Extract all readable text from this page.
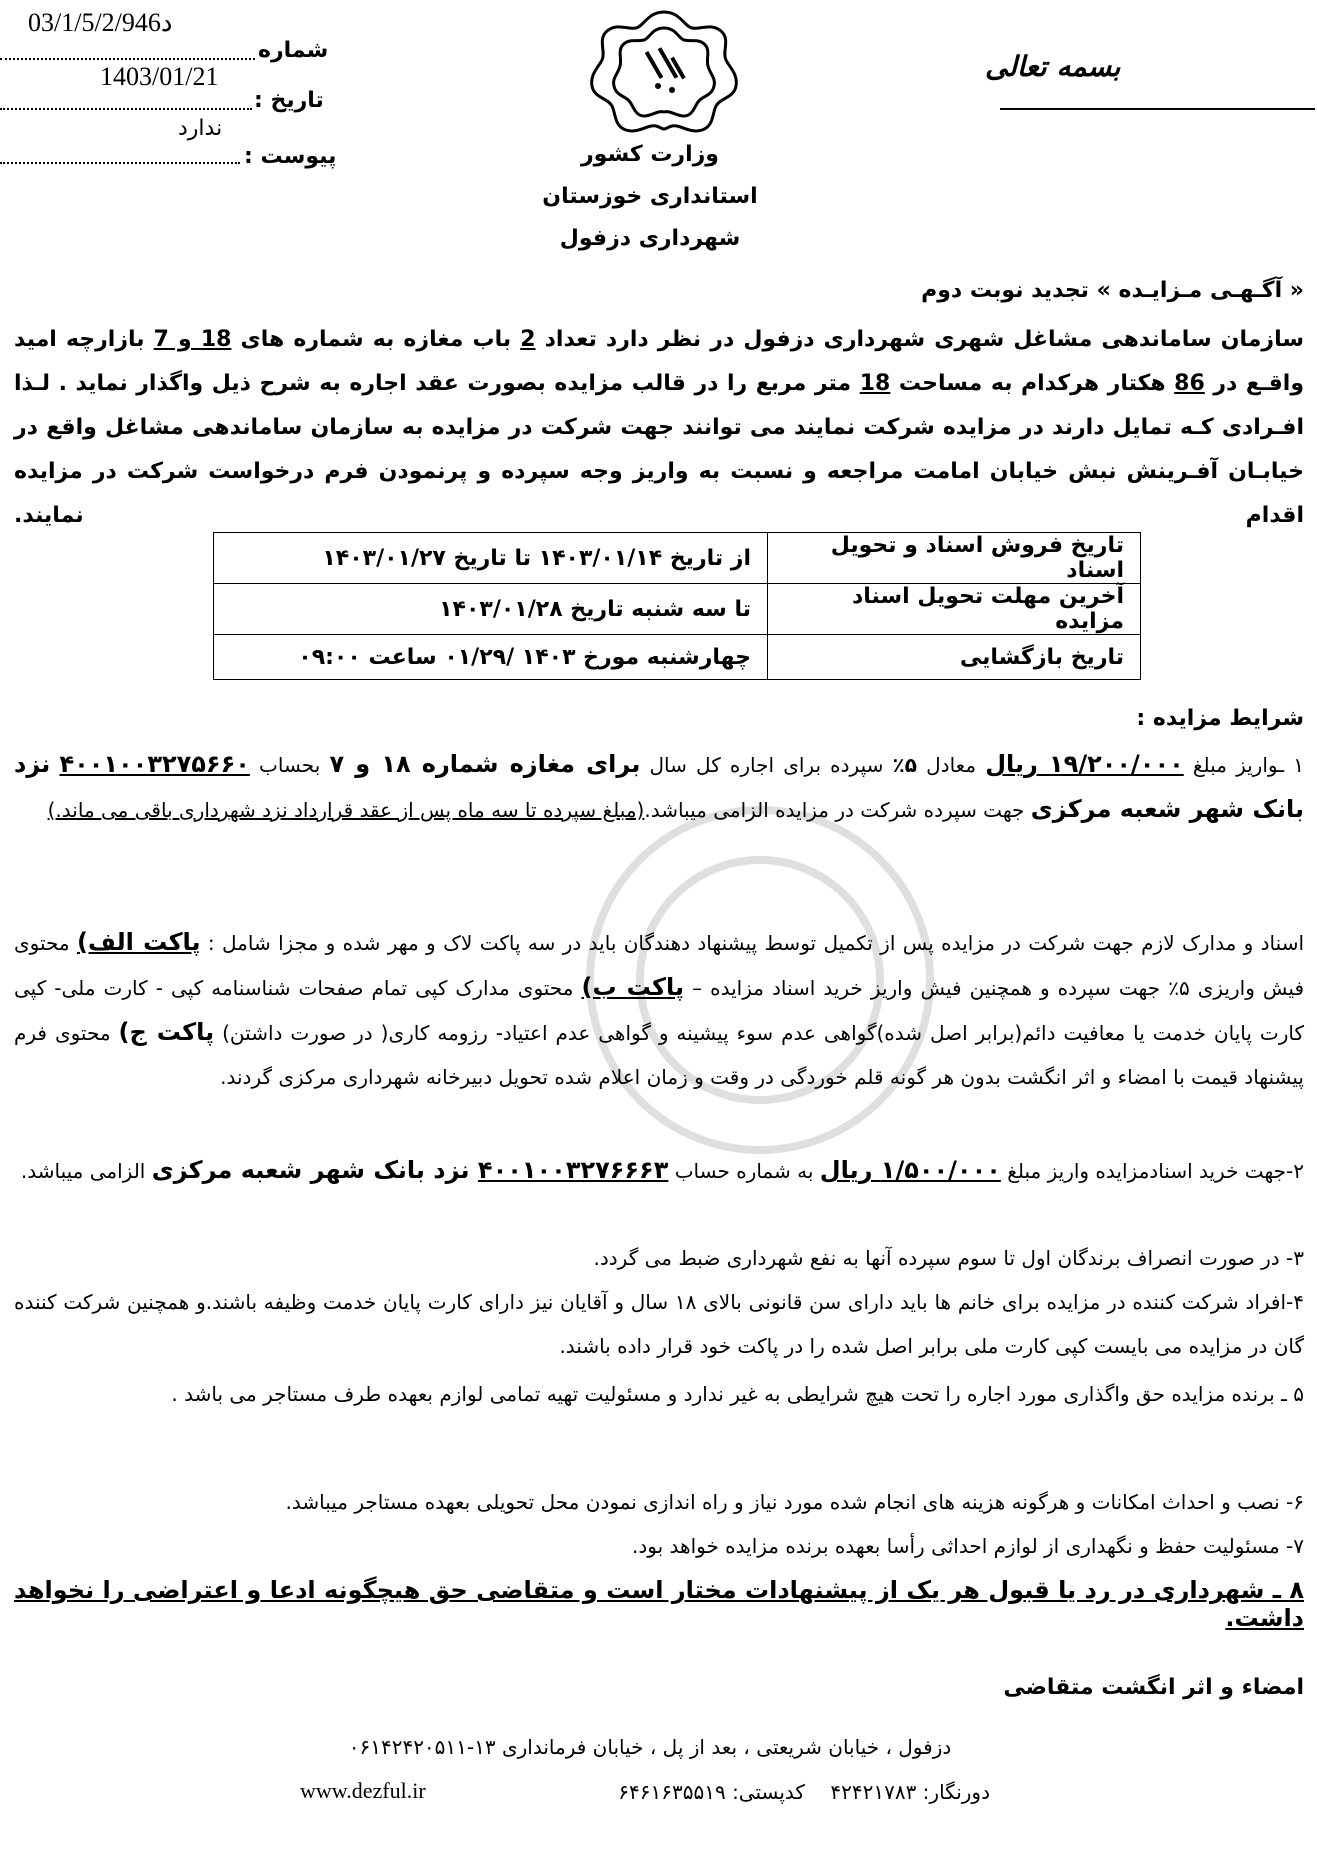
03/1/5/2/946د
شماره
1403/01/21
تاریخ :
ندارد
پیوست :	وزارت کشور
استانداری خوزستان
شهرداری دزفول
بسمه تعالی
« آگـهـی مـزایـده » تجدید نوبت دوم
سازمان ساماندهی مشاغل شهری شهرداری دزفول در نظر دارد تعداد 2 باب مغازه به شماره های 18 و 7 بازارچه امید واقـع در 86 هکتار هرکدام به مساحت 18 متر مربع را در قالب مزایده بصورت عقد اجاره به شرح ذیل واگذار نماید . لـذا افـرادی کـه تمایل دارند در مزایده شرکت نمایند می توانند جهت شرکت در مزایده به سازمان ساماندهی مشاغل واقع در خیابـان آفـرینش نبش خیابان امامت مراجعه و نسبت به واریز وجه سپرده و پرنمودن فرم درخواست شرکت در مزایده اقدام نمایند.
تاریخ فروش اسناد و تحویل اسناد	از تاریخ ۱۴۰۳/۰۱/۱۴ تا تاریخ ۱۴۰۳/۰۱/۲۷
آخرین مهلت تحویل اسناد مزایده	تا سه شنبه تاریخ ۱۴۰۳/۰۱/۲۸
تاریخ بازگشایی	چهارشنبه مورخ ۱۴۰۳ /۰۱/۲۹ ساعت ۰۹:۰۰
شرایط مزایده :
۱ ـواریز مبلغ ۱۹/۲۰۰/۰۰۰ ریال معادل ۵٪ سپرده برای اجاره کل سال برای مغازه شماره ۱۸ و ۷ بحساب ۴۰۰۱۰۰۳۲۷۵۶۶۰ نزد بانک شهر شعبه مرکزی جهت سپرده شرکت در مزایده الزامی میباشد.(مبلغ سپرده تا سه ماه پس از عقد قرارداد نزد شهرداری باقی می ماند.)
اسناد و مدارک لازم جهت شرکت در مزایده پس از تکمیل توسط پیشنهاد دهندگان باید در سه پاکت لاک و مهر شده و مجزا شامل : پاکت الف) محتوی فیش واریزی ۵٪ جهت سپرده و همچنین فیش واریز خرید اسناد مزایده – پاکت ب) محتوی مدارک کپی تمام صفحات شناسنامه کپی - کارت ملی- کپی کارت پایان خدمت یا معافیت دائم(برابر اصل شده)گواهی عدم سوء پیشینه و گواهی عدم اعتیاد- رزومه کاری( در صورت داشتن) پاکت ج) محتوی فرم پیشنهاد قیمت با امضاء و اثر انگشت بدون هر گونه قلم خوردگی در وقت و زمان اعلام شده تحویل دبیرخانه شهرداری مرکزی گردند.
۲-جهت خرید اسنادمزایده واریز مبلغ ۱/۵۰۰/۰۰۰ ریال به شماره حساب ۴۰۰۱۰۰۳۲۷۶۶۶۳ نزد بانک شهر شعبه مرکزی الزامی میباشد.

۳- در صورت انصراف برندگان اول تا سوم سپرده آنها به نفع شهرداری ضبط می گردد.

۴-افراد شرکت کننده در مزایده برای خانم ها باید دارای سن قانونی بالای ۱۸ سال و آقایان نیز دارای کارت پایان خدمت وظیفه باشند.و همچنین شرکت کننده گان در مزایده می بایست کپی کارت ملی برابر اصل شده را در پاکت خود قرار داده باشند.

۵ ـ برنده مزایده حق واگذاری مورد اجاره را تحت هیچ شرایطی به غیر ندارد و مسئولیت تهیه تمامی لوازم بعهده طرف مستاجر می باشد .

۶- نصب و احداث امکانات و هرگونه هزینه های انجام شده مورد نیاز و راه اندازی نمودن محل تحویلی بعهده مستاجر میباشد.

۷- مسئولیت حفظ و نگهداری از لوازم احداثی رأسا بعهده برنده مزایده خواهد بود.

۸ ـ شهرداری در رد یا قبول هر یک از پیشنهادات مختار است و متقاضی حق هیچگونه ادعا و اعتراضی را نخواهد داشت.
امضاء و اثر انگشت متقاضی
دزفول ، خیابان شریعتی ، بعد از پل ، خیابان فرمانداری ۱۳-۰۶۱۴۲۴۲۰۵۱۱
دورنگار: ۴۲۴۲۱۷۸۳    کدپستی: ۶۴۶۱۶۳۵۵۱۹
www.dezful.ir
